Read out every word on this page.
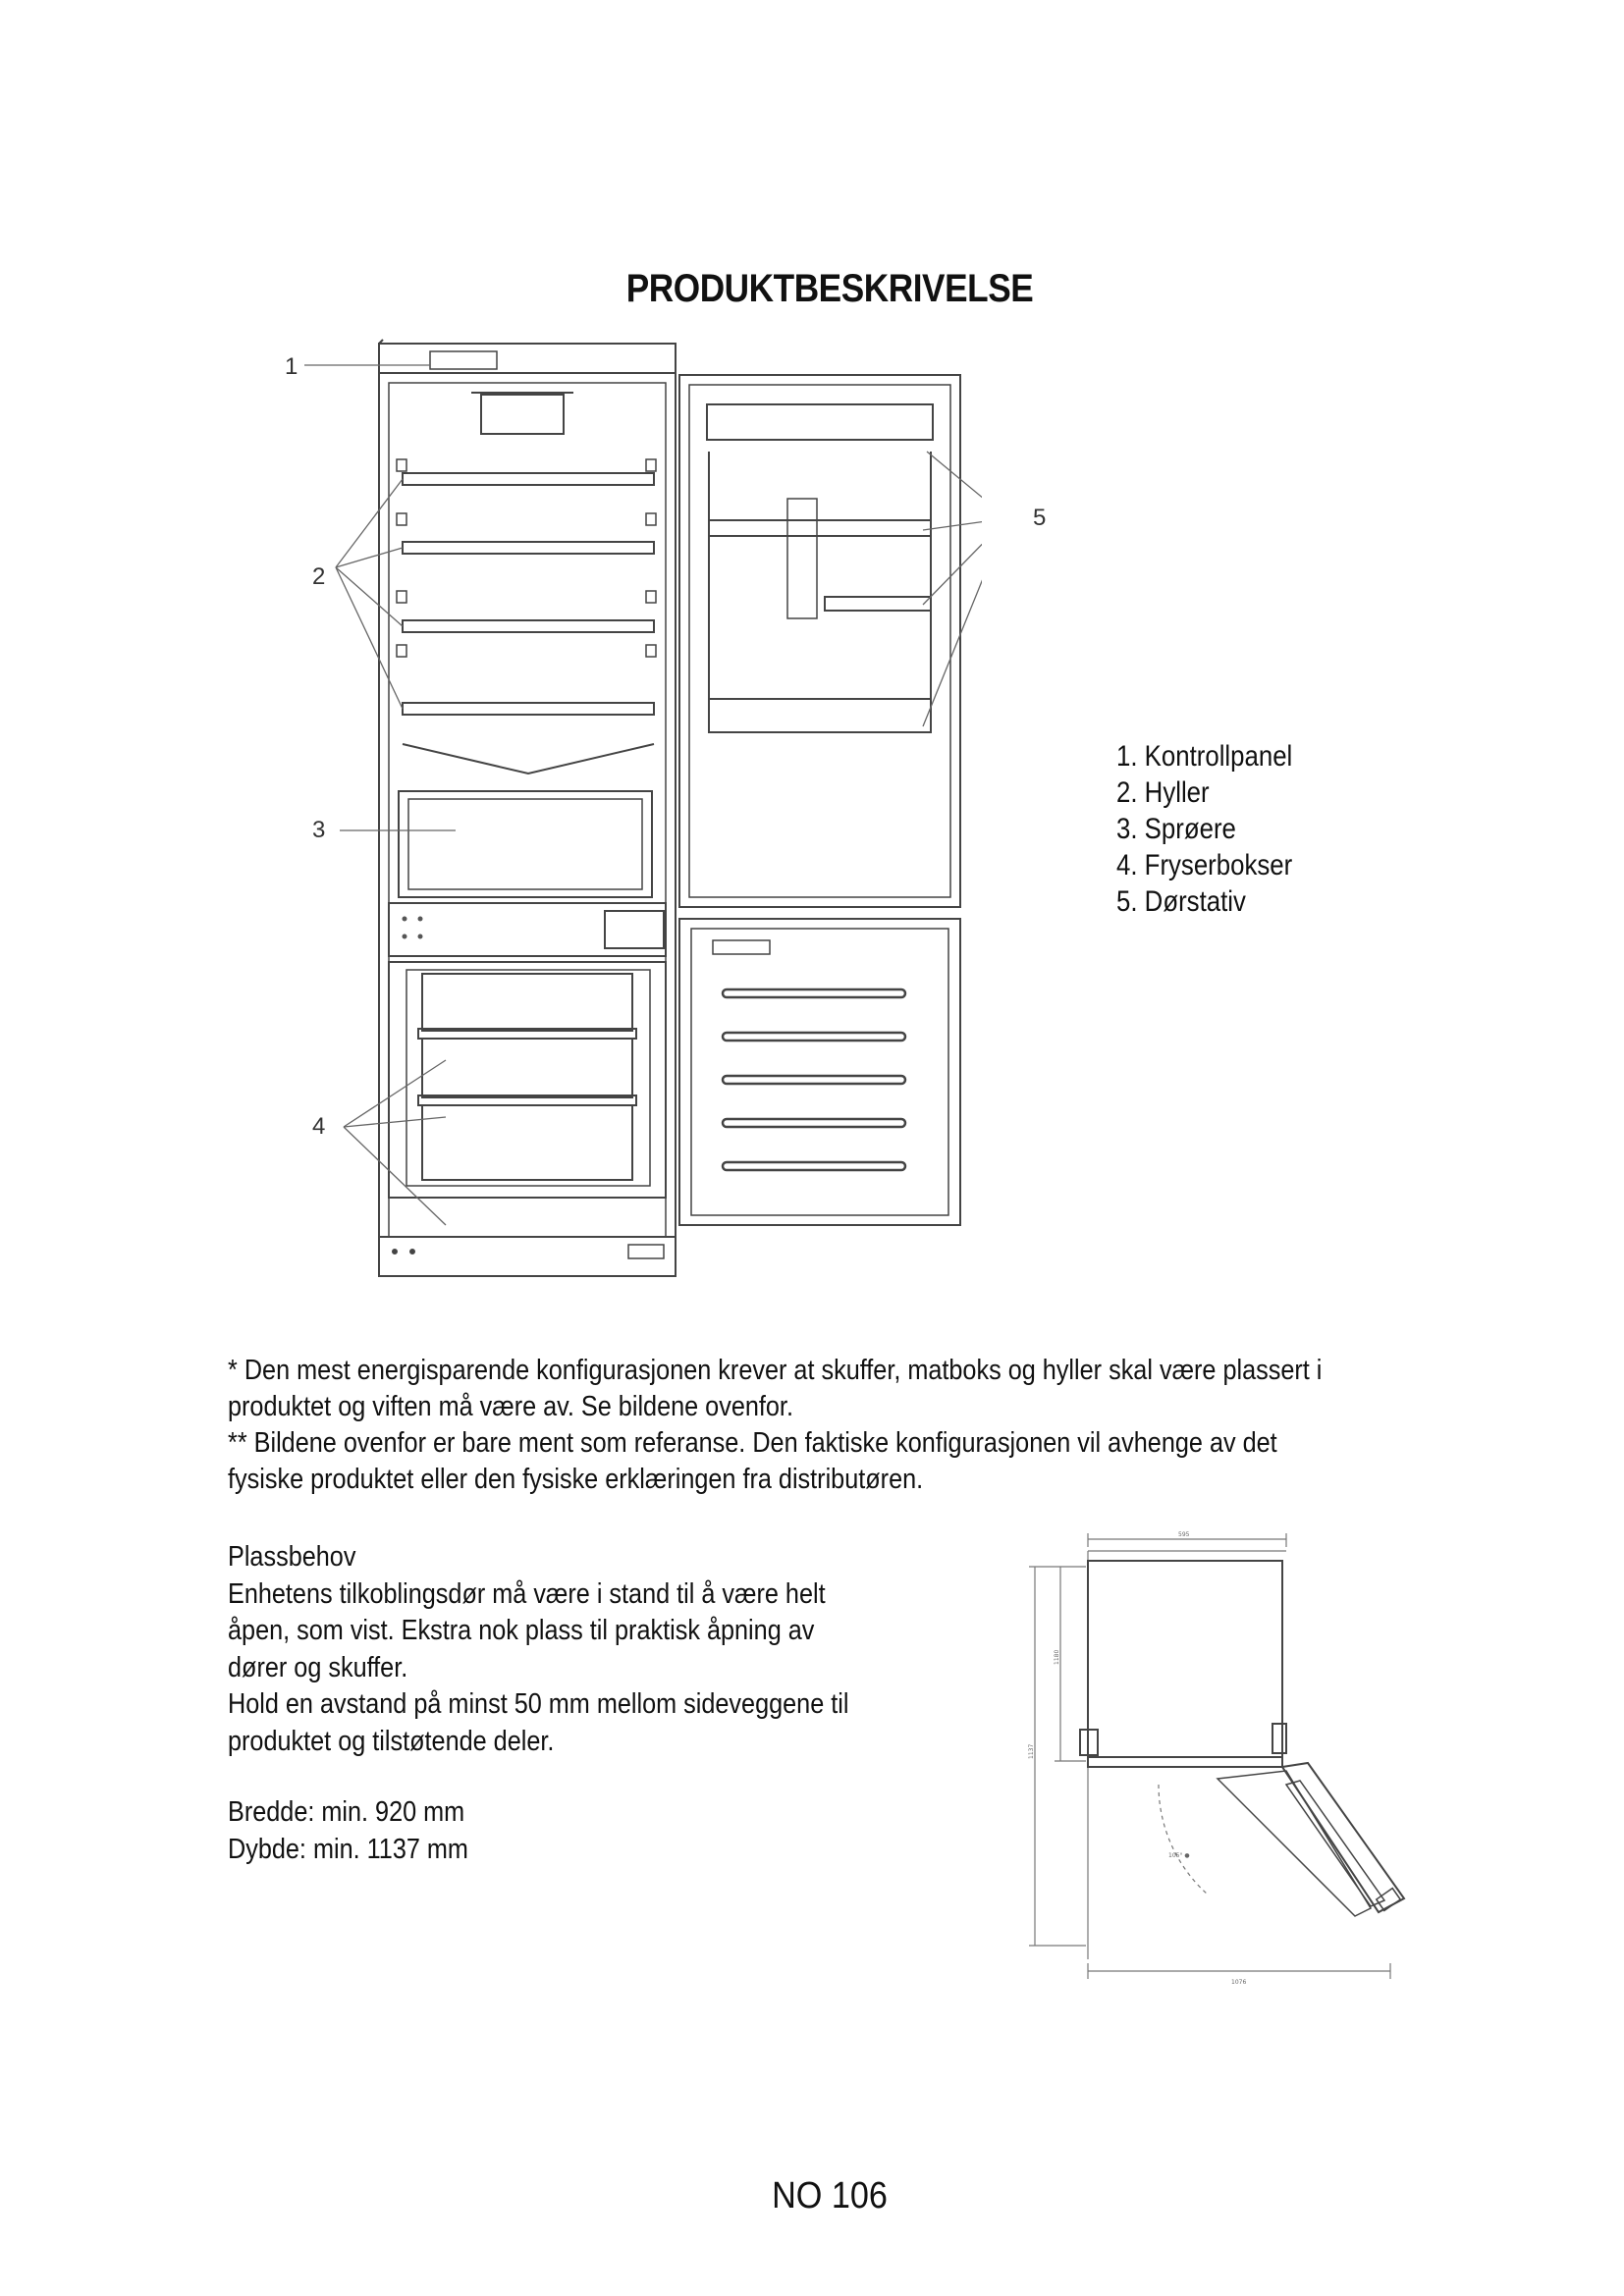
PRODUKTBESKRIVELSE
1
2
3
4
5
1. Kontrollpanel
2. Hyller
3. Sprøere
4. Fryserbokser
5. Dørstativ

* Den mest energisparende konfigurasjonen krever at skuffer, matboks og hyller skal være plassert i

produktet og viften må være av. Se bildene ovenfor.

** Bildene ovenfor er bare ment som referanse. Den faktiske konfigurasjonen vil avhenge av det

fysiske produktet eller den fysiske erklæringen fra distributøren.

Plassbehov

Enhetens tilkoblingsdør må være i stand til å være helt

åpen, som vist. Ekstra nok plass til praktisk åpning av

dører og skuffer.

Hold en avstand på minst 50 mm mellom sideveggene til

produktet og tilstøtende deler.

Bredde: min. 920 mm

Dybde: min. 1137 mm

595
1180
1137
1076
105° ●
NO 106
